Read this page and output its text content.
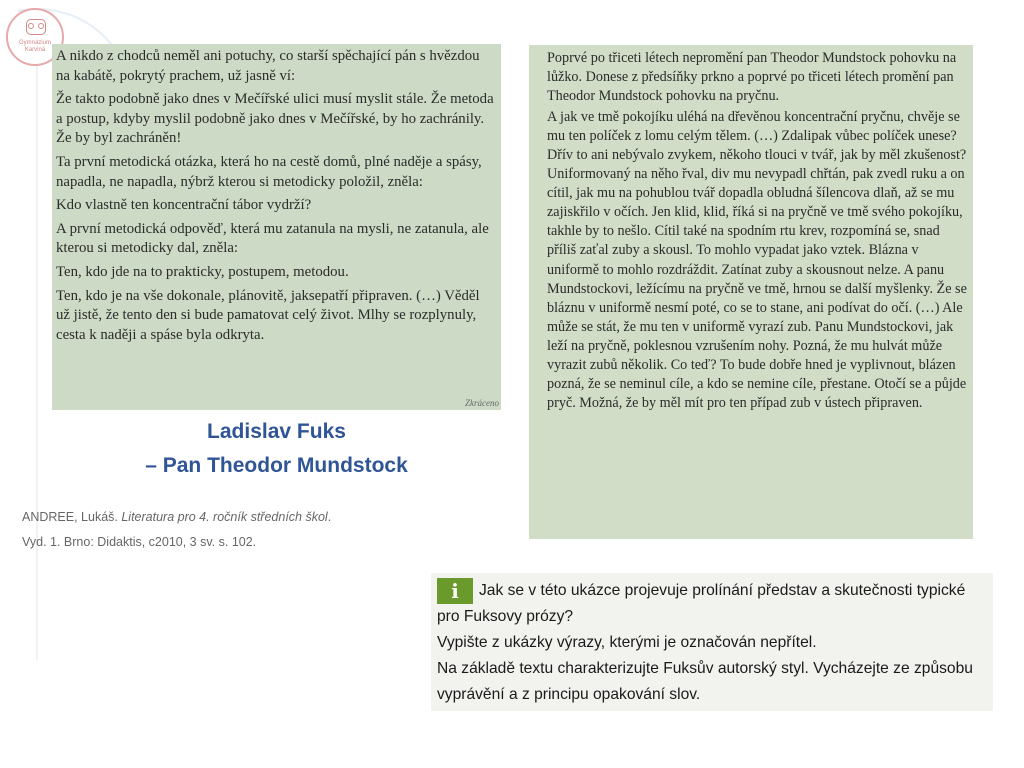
Gymnázium
Karviná A nikdo z chodců neměl ani potuchy, co starší spěchající pán s hvězdou na kabátě, pokrytý prachem, už jasně ví:

Že takto podobně jako dnes v Mečířské ulici musí myslit stále. Že metoda a postup, kdyby myslil podobně jako dnes v Mečířské, by ho zachránily. Že by byl zachráněn!

Ta první metodická otázka, která ho na cestě domů, plné naděje a spásy, napadla, ne napadla, nýbrž kterou si metodicky položil, zněla:

Kdo vlastně ten koncentrační tábor vydrží?

A první metodická odpověď, která mu zatanula na mysli, ne zatanula, ale kterou si metodicky dal, zněla:

Ten, kdo jde na to prakticky, postupem, metodou.

Ten, kdo je na vše dokonale, plánovitě, jaksepatří připraven. (…) Věděl už jistě, že tento den si bude pamatovat celý život. Mlhy se rozplynuly, cesta k naději a spáse byla odkryta.

Zkráceno
Ladislav Fuks
– Pan Theodor Mundstock
ANDREE, Lukáš. Literatura pro 4. ročník středních škol.
Vyd. 1. Brno: Didaktis, c2010, 3 sv. s. 102.

Poprvé po třiceti létech nepromění pan Theodor Mundstock pohovku na lůžko. Donese z předsíňky prkno a poprvé po třiceti létech promění pan Theodor Mundstock pohovku na pryčnu.

A jak ve tmě pokojíku uléhá na dřevěnou koncentrační pryčnu, chvěje se mu ten políček z lomu celým tělem. (…) Zdalipak vůbec políček unese? Dřív to ani nebývalo zvykem, někoho tlouci v tvář, jak by měl zkušenost? Uniformovaný na něho řval, div mu nevypadl chřtán, pak zvedl ruku a on cítil, jak mu na pohublou tvář dopadla obludná šílencova dlaň, až se mu zajiskřilo v očích. Jen klid, klid, říká si na pryčně ve tmě svého pokojíku, takhle by to nešlo. Cítil také na spodním rtu krev, rozpomíná se, snad příliš zaťal zuby a skousl. To mohlo vypadat jako vztek. Blázna v uniformě to mohlo rozdráždit. Zatínat zuby a skousnout nelze. A panu Mundstockovi, ležícímu na pryčně ve tmě, hrnou se další myšlenky. Že se bláznu v uniformě nesmí poté, co se to stane, ani podívat do očí. (…) Ale může se stát, že mu ten v uniformě vyrazí zub. Panu Mundstockovi, jak leží na pryčně, poklesnou vzrušením nohy. Pozná, že mu hulvát může vyrazit zubů několik. Co teď? To bude dobře hned je vyplivnout, blázen pozná, že se neminul cíle, a kdo se nemine cíle, přestane. Otočí se a půjde pryč. Možná, že by měl mít pro ten případ zub v ústech připraven.

i Jak se v této ukázce projevuje prolínání představ a skutečnosti typické pro Fuksovy prózy?

Vypište z ukázky výrazy, kterými je označován nepřítel.

Na základě textu charakterizujte Fuksův autorský styl. Vycházejte ze způsobu vyprávění a z principu opakování slov.
